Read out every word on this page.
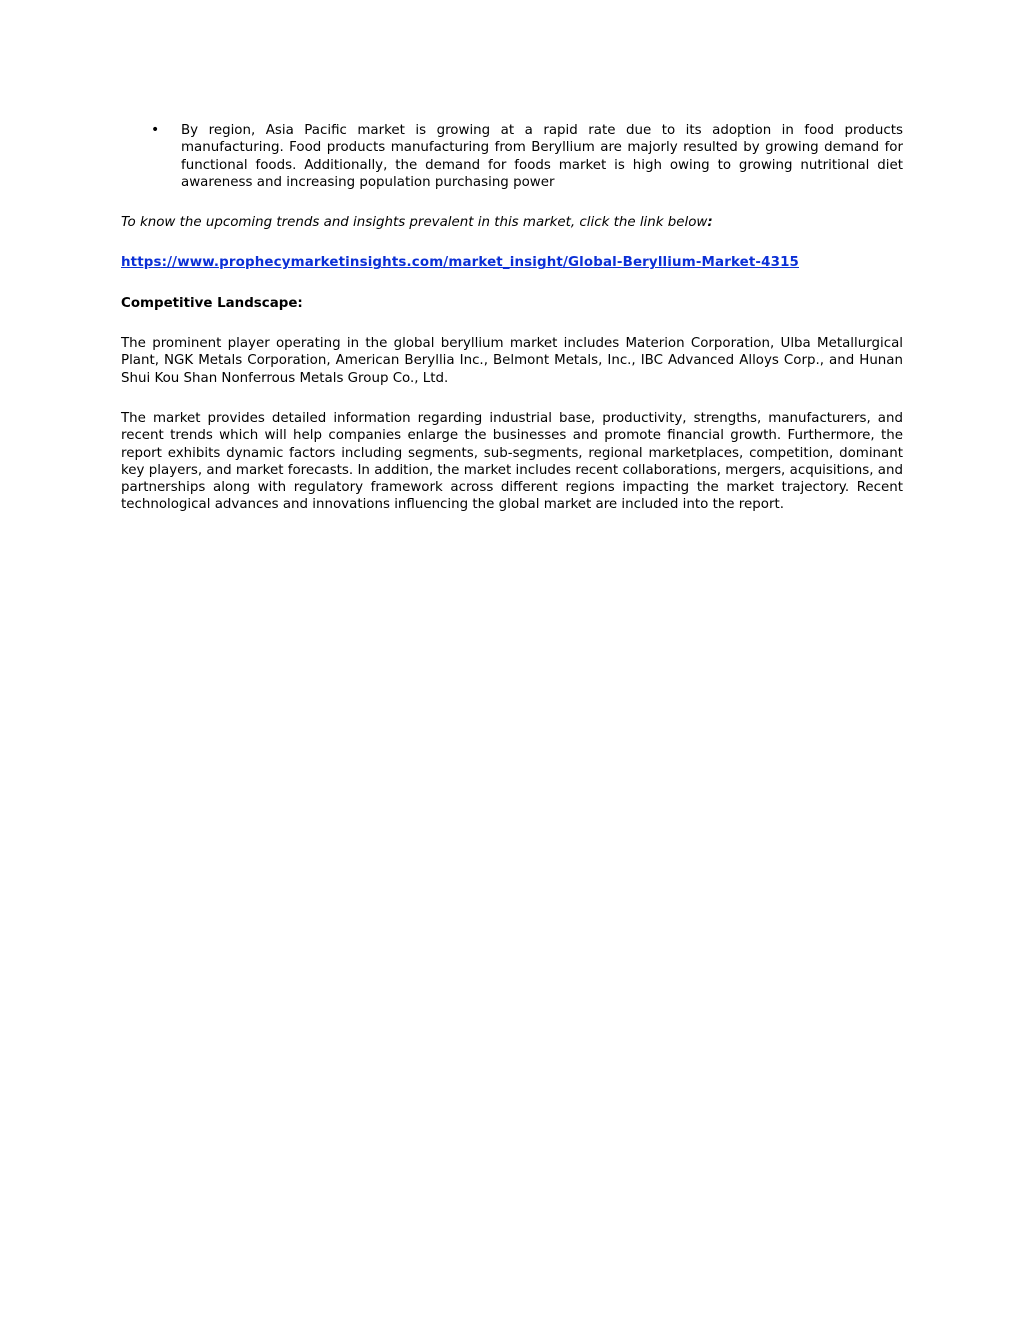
• By region, Asia Pacific market is growing at a rapid rate due to its adoption in food products manufacturing. Food products manufacturing from Beryllium are majorly resulted by growing demand for functional foods. Additionally, the demand for foods market is high owing to growing nutritional diet awareness and increasing population purchasing power

To know the upcoming trends and insights prevalent in this market, click the link below:

https://www.prophecymarketinsights.com/market_insight/Global-Beryllium-Market-4315

Competitive Landscape:

The prominent player operating in the global beryllium market includes Materion Corporation, Ulba Metallurgical Plant, NGK Metals Corporation, American Beryllia Inc., Belmont Metals, Inc., IBC Advanced Alloys Corp., and Hunan Shui Kou Shan Nonferrous Metals Group Co., Ltd.

The market provides detailed information regarding industrial base, productivity, strengths, manufacturers, and recent trends which will help companies enlarge the businesses and promote financial growth. Furthermore, the report exhibits dynamic factors including segments, sub-segments, regional marketplaces, competition, dominant key players, and market forecasts. In addition, the market includes recent collaborations, mergers, acquisitions, and partnerships along with regulatory framework across different regions impacting the market trajectory. Recent technological advances and innovations influencing the global market are included into the report.
